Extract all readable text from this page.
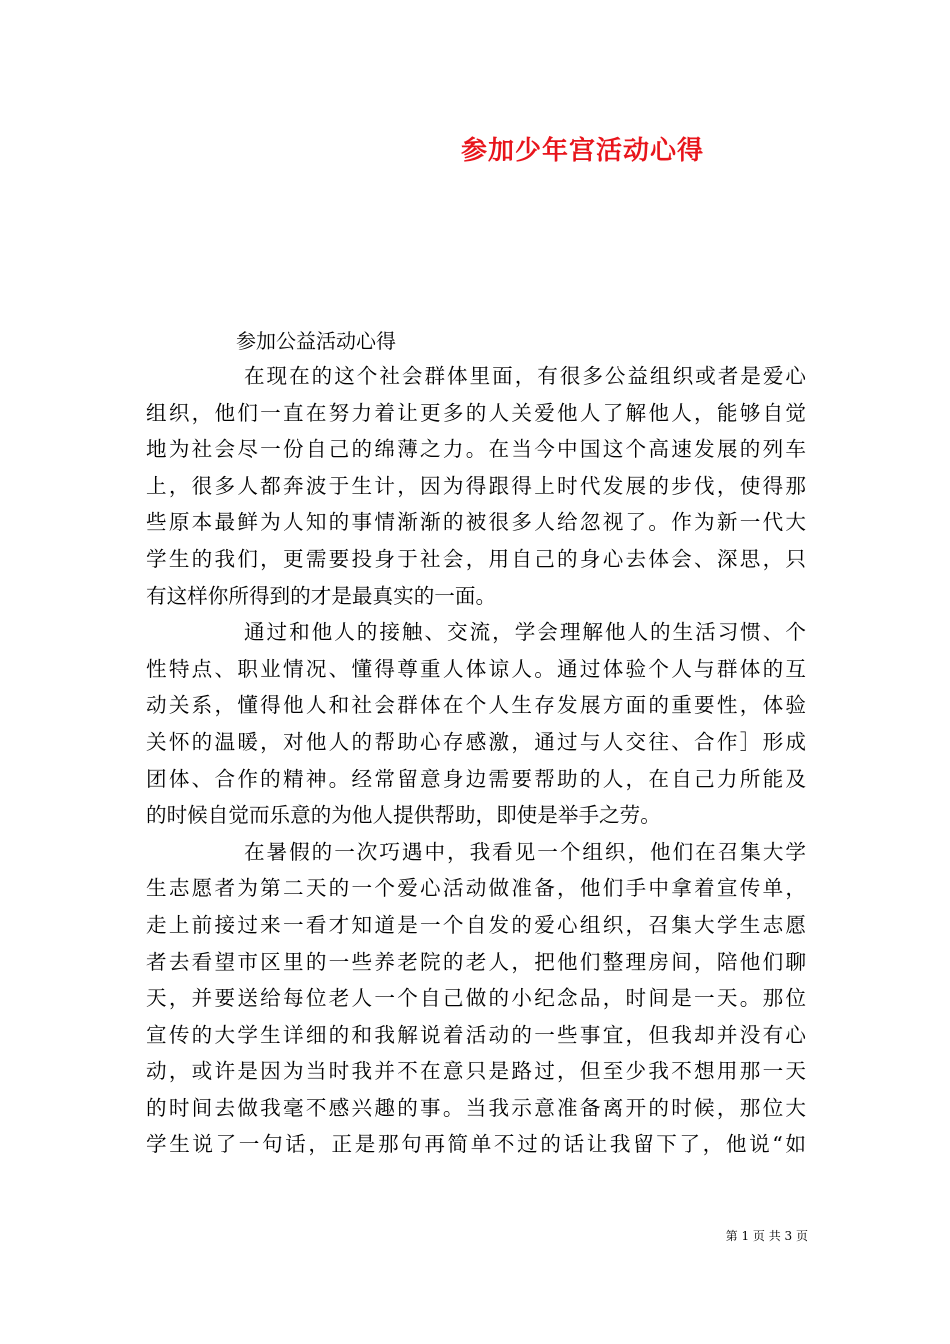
参加少年宫活动心得
参加公益活动心得
在现在的这个社会群体里面，有很多公益组织或者是爱心
组织，他们一直在努力着让更多的人关爱他人了解他人，能够自觉
地为社会尽一份自己的绵薄之力。在当今中国这个高速发展的列车
上，很多人都奔波于生计，因为得跟得上时代发展的步伐，使得那
些原本最鲜为人知的事情渐渐的被很多人给忽视了。作为新一代大
学生的我们，更需要投身于社会，用自己的身心去体会、深思，只
有这样你所得到的才是最真实的一面。
通过和他人的接触、交流，学会理解他人的生活习惯、个
性特点、职业情况、懂得尊重人体谅人。通过体验个人与群体的互
动关系，懂得他人和社会群体在个人生存发展方面的重要性，体验
关怀的温暖，对他人的帮助心存感激，通过与人交往、合作］形成
团体、合作的精神。经常留意身边需要帮助的人，在自己力所能及
的时候自觉而乐意的为他人提供帮助，即使是举手之劳。
在暑假的一次巧遇中，我看见一个组织，他们在召集大学
生志愿者为第二天的一个爱心活动做准备，他们手中拿着宣传单，
走上前接过来一看才知道是一个自发的爱心组织，召集大学生志愿
者去看望市区里的一些养老院的老人，把他们整理房间，陪他们聊
天，并要送给每位老人一个自己做的小纪念品，时间是一天。那位
宣传的大学生详细的和我解说着活动的一些事宜，但我却并没有心
动，或许是因为当时我并不在意只是路过，但至少我不想用那一天
的时间去做我毫不感兴趣的事。当我示意准备离开的时候，那位大
学生说了一句话，正是那句再简单不过的话让我留下了，他说“如
第 1 页 共 3 页
